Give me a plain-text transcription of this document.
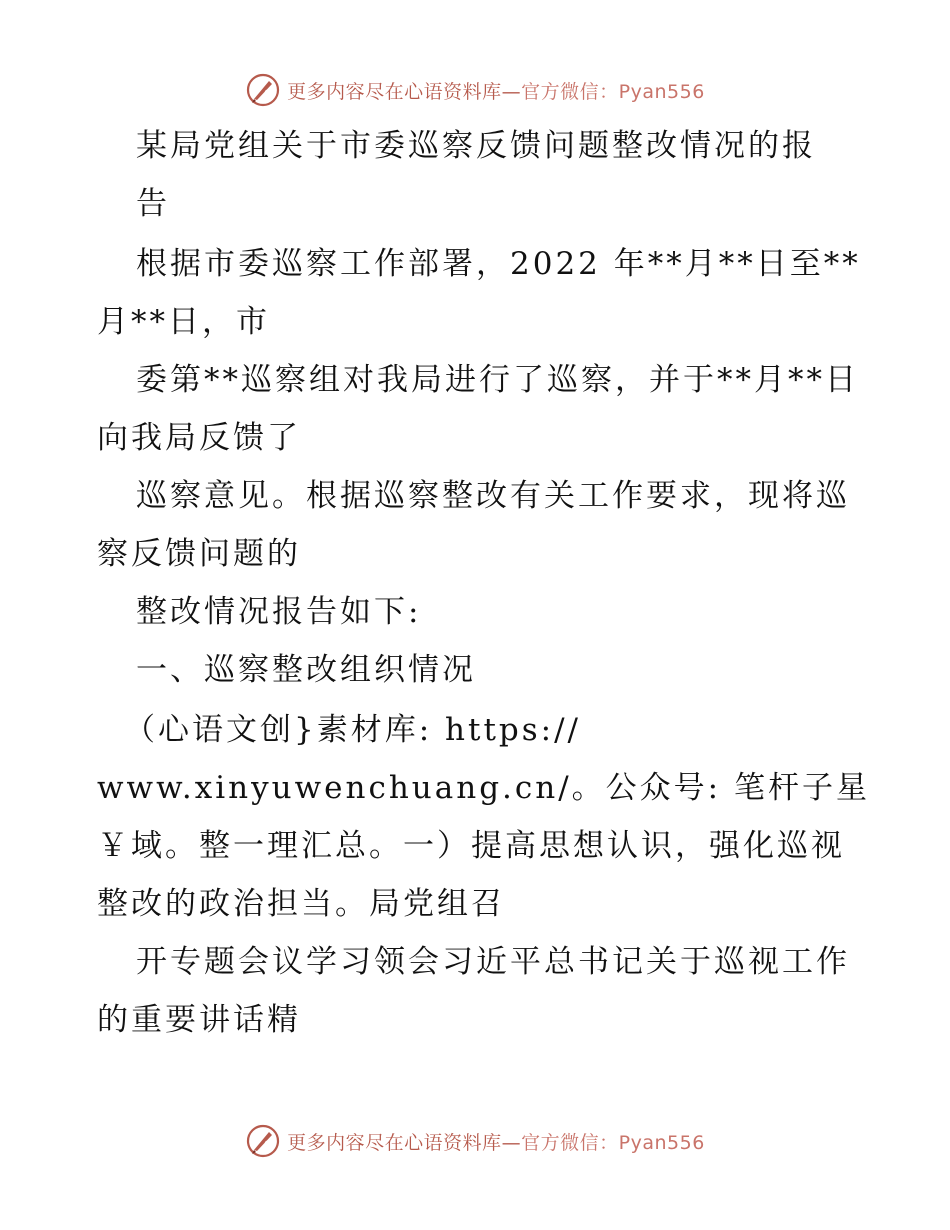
更多内容尽在心语资料库—官方微信：Pyan556
某局党组关于市委巡察反馈问题整改情况的报
告
根据市委巡察工作部署，2022 年**月**日至**
月**日，市
委第**巡察组对我局进行了巡察，并于**月**日
向我局反馈了
巡察意见。根据巡察整改有关工作要求，现将巡
察反馈问题的
整改情况报告如下:
一、巡察整改组织情况
（心语文创}素材库: https://
www.xinyuwenchuang.cn/。公众号: 笔杆子星
￥域。整一理汇总。一）提高思想认识，强化巡视
整改的政治担当。局党组召
开专题会议学习领会习近平总书记关于巡视工作
的重要讲话精
更多内容尽在心语资料库—官方微信：Pyan556
